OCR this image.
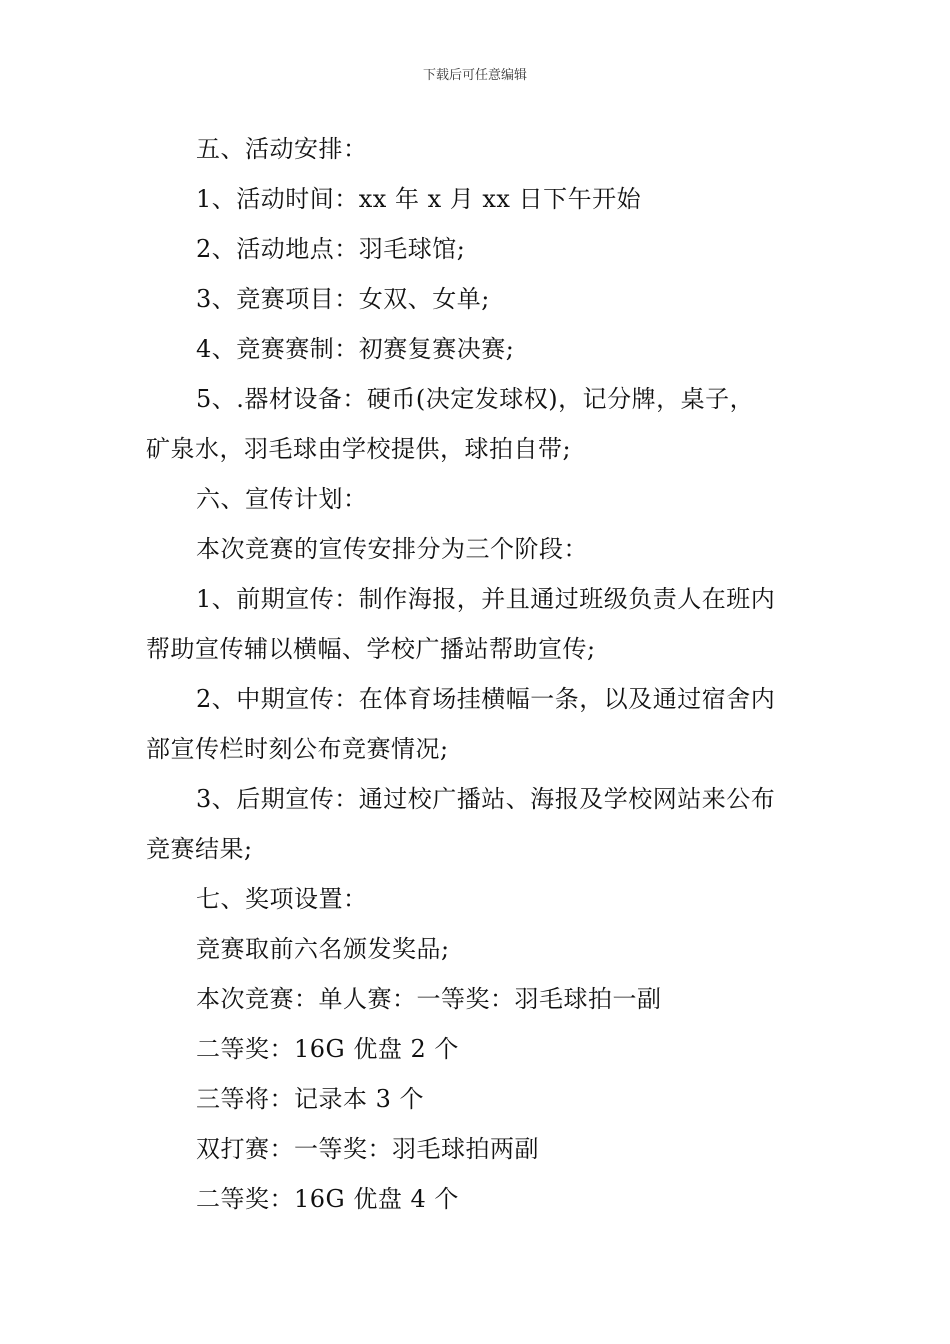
下载后可任意编辑
五、活动安排：
1、活动时间：xx 年 x 月 xx 日下午开始
2、活动地点：羽毛球馆;
3、竞赛项目：女双、女单;
4、竞赛赛制：初赛复赛决赛;
5、.器材设备：硬币(决定发球权)，记分牌，桌子，
矿泉水，羽毛球由学校提供，球拍自带;
六、宣传计划：
本次竞赛的宣传安排分为三个阶段：
1、前期宣传：制作海报，并且通过班级负责人在班内
帮助宣传辅以横幅、学校广播站帮助宣传;
2、中期宣传：在体育场挂横幅一条，以及通过宿舍内
部宣传栏时刻公布竞赛情况;
3、后期宣传：通过校广播站、海报及学校网站来公布
竞赛结果;
七、奖项设置：
竞赛取前六名颁发奖品;
本次竞赛：单人赛：一等奖：羽毛球拍一副
二等奖：16G 优盘 2 个
三等将：记录本 3 个
双打赛：一等奖：羽毛球拍两副
二等奖：16G 优盘 4 个
